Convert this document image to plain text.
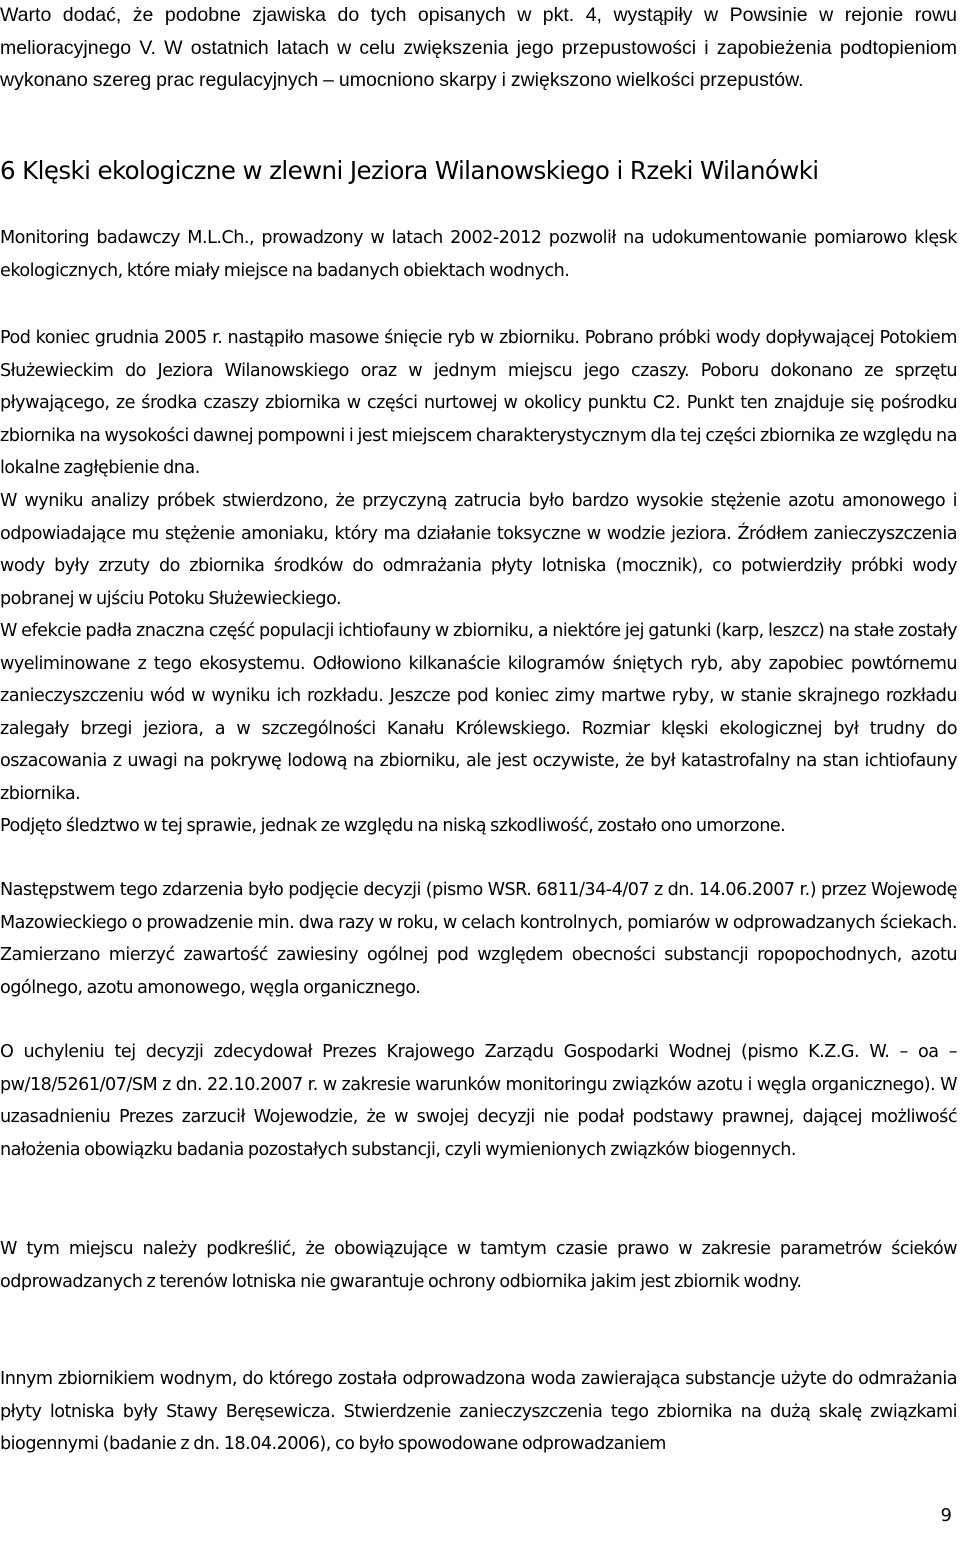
Warto dodać, że podobne zjawiska do tych opisanych w pkt. 4, wystąpiły w Powsinie w rejonie rowu melioracyjnego V. W ostatnich latach w celu zwiększenia jego przepustowości i zapobieżenia podtopieniom wykonano szereg prac regulacyjnych – umocniono skarpy i zwiększono wielkości przepustów.

6 Klęski ekologiczne w zlewni Jeziora Wilanowskiego i Rzeki Wilanówki

Monitoring badawczy M.L.Ch., prowadzony w latach 2002-2012 pozwolił na udokumentowanie pomiarowo klęsk ekologicznych, które miały miejsce na badanych obiektach wodnych.

Pod koniec grudnia 2005 r. nastąpiło masowe śnięcie ryb w zbiorniku. Pobrano próbki wody dopływającej Potokiem Służewieckim do Jeziora Wilanowskiego oraz w jednym miejscu jego czaszy. Poboru dokonano ze sprzętu pływającego, ze środka czaszy zbiornika w części nurtowej w okolicy punktu C2. Punkt ten znajduje się pośrodku zbiornika na wysokości dawnej pompowni i jest miejscem charakterystycznym dla tej części zbiornika ze względu na lokalne zagłębienie dna.

W wyniku analizy próbek stwierdzono, że przyczyną zatrucia było bardzo wysokie stężenie azotu amonowego i odpowiadające mu stężenie amoniaku, który ma działanie toksyczne w wodzie jeziora. Źródłem zanieczyszczenia wody były zrzuty do zbiornika środków do odmrażania płyty lotniska (mocznik), co potwierdziły próbki wody pobranej w ujściu Potoku Służewieckiego.

W efekcie padła znaczna część populacji ichtiofauny w zbiorniku, a niektóre jej gatunki (karp, leszcz) na stałe zostały wyeliminowane z tego ekosystemu. Odłowiono kilkanaście kilogramów śniętych ryb, aby zapobiec powtórnemu zanieczyszczeniu wód w wyniku ich rozkładu. Jeszcze pod koniec zimy martwe ryby, w stanie skrajnego rozkładu zalegały brzegi jeziora, a w szczególności Kanału Królewskiego. Rozmiar klęski ekologicznej był trudny do oszacowania z uwagi na pokrywę lodową na zbiorniku, ale jest oczywiste, że był katastrofalny na stan ichtiofauny zbiornika.

Podjęto śledztwo w tej sprawie, jednak ze względu na niską szkodliwość, zostało ono umorzone.

Następstwem tego zdarzenia było podjęcie decyzji (pismo WSR. 6811/34-4/07 z dn. 14.06.2007 r.) przez Wojewodę Mazowieckiego o prowadzenie min. dwa razy w roku, w celach kontrolnych, pomiarów w odprowadzanych ściekach. Zamierzano mierzyć zawartość zawiesiny ogólnej pod względem obecności substancji ropopochodnych, azotu ogólnego, azotu amonowego, węgla organicznego.

O uchyleniu tej decyzji zdecydował Prezes Krajowego Zarządu Gospodarki Wodnej (pismo K.Z.G. W. – oa – pw/18/5261/07/SM z dn. 22.10.2007 r. w zakresie warunków monitoringu związków azotu i węgla organicznego). W uzasadnieniu Prezes zarzucił Wojewodzie, że w swojej decyzji nie podał podstawy prawnej, dającej możliwość nałożenia obowiązku badania pozostałych substancji, czyli wymienionych związków biogennych.

W tym miejscu należy podkreślić, że obowiązujące w tamtym czasie prawo w zakresie parametrów ścieków odprowadzanych z terenów lotniska nie gwarantuje ochrony odbiornika jakim jest zbiornik wodny.

Innym zbiornikiem wodnym, do którego została odprowadzona woda zawierająca substancje użyte do odmrażania płyty lotniska były Stawy Beręsewicza. Stwierdzenie zanieczyszczenia tego zbiornika na dużą skalę związkami biogennymi (badanie z dn. 18.04.2006), co było spowodowane odprowadzaniem

9
